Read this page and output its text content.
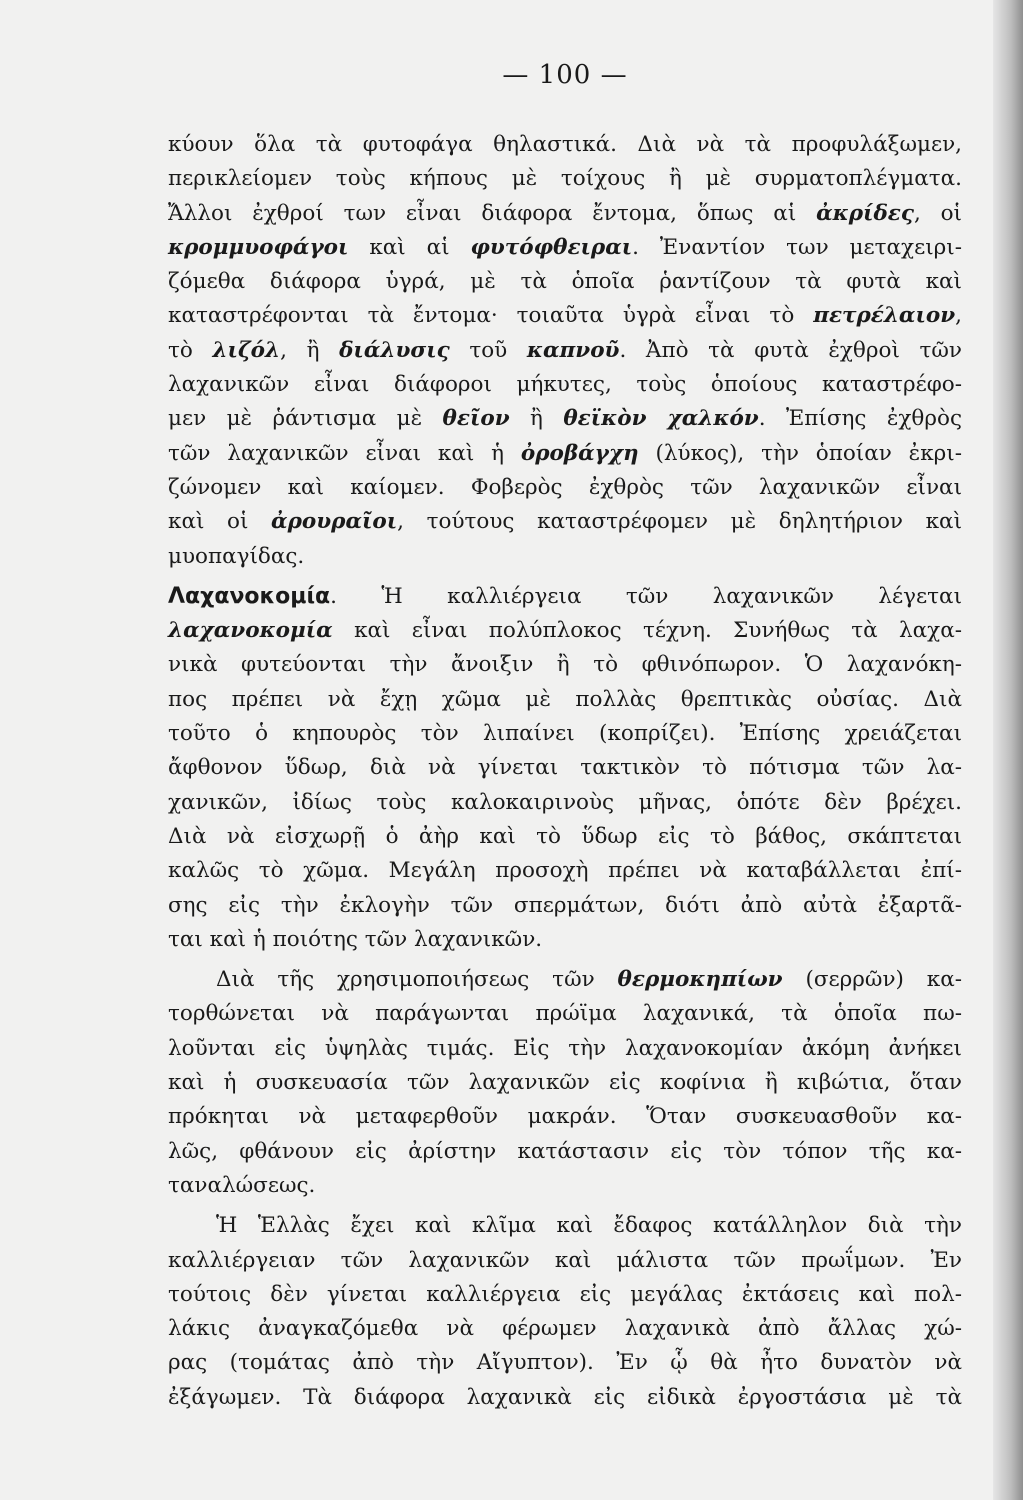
— 100 —
κύουν ὅλα τὰ φυτοφάγα θηλαστικά. Διὰ νὰ τὰ προφυλάξωμεν,
περικλείομεν τοὺς κήπους μὲ τοίχους ἢ μὲ συρματοπλέγματα.
Ἄλλοι ἐχθροί των εἶναι διάφορα ἔντομα, ὅπως αἱ ἀκρίδες, οἱ
κρομμυοφάγοι καὶ αἱ φυτόφθειραι. Ἐναντίον των μεταχειρι-
ζόμεθα διάφορα ὑγρά, μὲ τὰ ὁποῖα ῥαντίζουν τὰ φυτὰ καὶ
καταστρέφονται τὰ ἔντομα· τοιαῦτα ὑγρὰ εἶναι τὸ πετρέλαιον,
τὸ λιζόλ, ἢ διάλυσις τοῦ καπνοῦ. Ἀπὸ τὰ φυτὰ ἐχθροὶ τῶν
λαχανικῶν εἶναι διάφοροι μήκυτες, τοὺς ὁποίους καταστρέφο-
μεν μὲ ῥάντισμα μὲ θεῖον ἢ θεϊκὸν χαλκόν. Ἐπίσης ἐχθρὸς
τῶν λαχανικῶν εἶναι καὶ ἡ ὀροβάγχη (λύκος), τὴν ὁποίαν ἐκρι-
ζώνομεν καὶ καίομεν. Φοβερὸς ἐχθρὸς τῶν λαχανικῶν εἶναι
καὶ οἱ ἀρουραῖοι, τούτους καταστρέφομεν μὲ δηλητήριον καὶ
μυοπαγίδας.
Λαχανοκομία. Ἡ καλλιέργεια τῶν λαχανικῶν λέγεται
λαχανοκομία καὶ εἶναι πολύπλοκος τέχνη. Συνήθως τὰ λαχα-
νικὰ φυτεύονται τὴν ἄνοιξιν ἢ τὸ φθινόπωρον. Ὁ λαχανόκη-
πος πρέπει νὰ ἔχῃ χῶμα μὲ πολλὰς θρεπτικὰς οὐσίας. Διὰ
τοῦτο ὁ κηπουρὸς τὸν λιπαίνει (κοπρίζει). Ἐπίσης χρειάζεται
ἄφθονον ὕδωρ, διὰ νὰ γίνεται τακτικὸν τὸ πότισμα τῶν λα-
χανικῶν, ἰδίως τοὺς καλοκαιρινοὺς μῆνας, ὁπότε δὲν βρέχει.
Διὰ νὰ εἰσχωρῇ ὁ ἀὴρ καὶ τὸ ὕδωρ εἰς τὸ βάθος, σκάπτεται
καλῶς τὸ χῶμα. Μεγάλη προσοχὴ πρέπει νὰ καταβάλλεται ἐπί-
σης εἰς τὴν ἐκλογὴν τῶν σπερμάτων, διότι ἀπὸ αὐτὰ ἐξαρτᾶ-
ται καὶ ἡ ποιότης τῶν λαχανικῶν.
Διὰ τῆς χρησιμοποιήσεως τῶν θερμοκηπίων (σερρῶν) κα-
τορθώνεται νὰ παράγωνται πρώϊμα λαχανικά, τὰ ὁποῖα πω-
λοῦνται εἰς ὑψηλὰς τιμάς. Εἰς τὴν λαχανοκομίαν ἀκόμη ἀνήκει
καὶ ἡ συσκευασία τῶν λαχανικῶν εἰς κοφίνια ἢ κιβώτια, ὅταν
πρόκηται νὰ μεταφερθοῦν μακράν. Ὅταν συσκευασθοῦν κα-
λῶς, φθάνουν εἰς ἀρίστην κατάστασιν εἰς τὸν τόπον τῆς κα-
ταναλώσεως.
Ἡ Ἑλλὰς ἔχει καὶ κλῖμα καὶ ἔδαφος κατάλληλον διὰ τὴν
καλλιέργειαν τῶν λαχανικῶν καὶ μάλιστα τῶν πρωΐμων. Ἐν
τούτοις δὲν γίνεται καλλιέργεια εἰς μεγάλας ἐκτάσεις καὶ πολ-
λάκις ἀναγκαζόμεθα νὰ φέρωμεν λαχανικὰ ἀπὸ ἄλλας χώ-
ρας (τομάτας ἀπὸ τὴν Αἴγυπτον). Ἐν ᾧ θὰ ἦτο δυνατὸν νὰ
ἐξάγωμεν. Τὰ διάφορα λαχανικὰ εἰς εἰδικὰ ἐργοστάσια μὲ τὰ
